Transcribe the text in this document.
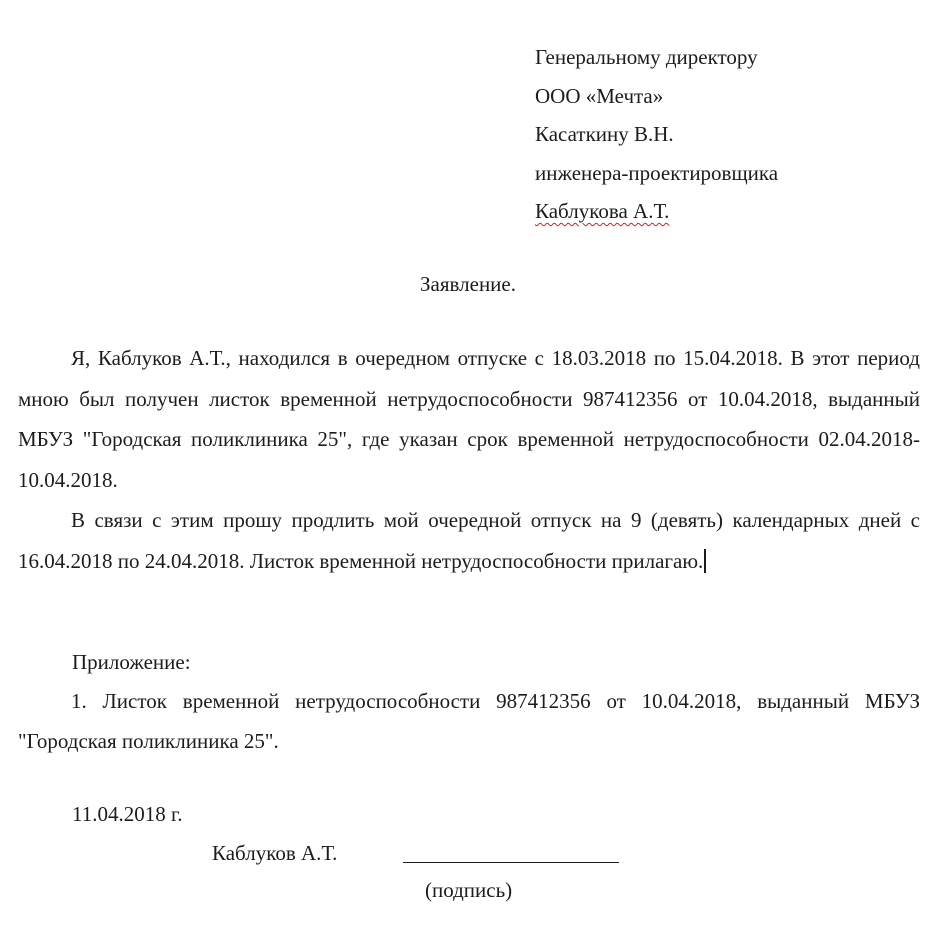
Генеральному директору
ООО «Мечта»
Касаткину В.Н.
инженера-проектировщика
Каблукова А.Т.
Заявление.

Я, Каблуков А.Т., находился в очередном отпуске с 18.03.2018 по 15.04.2018. В этот период мною был получен листок временной нетрудоспособности 987412356 от 10.04.2018, выданный МБУЗ "Городская поликлиника 25", где указан срок временной нетрудоспособности 02.04.2018-10.04.2018.

В связи с этим прошу продлить мой очередной отпуск на 9 (девять) календарных дней с 16.04.2018 по 24.04.2018. Листок временной нетрудоспособности прилагаю.

Приложение:

1. Листок временной нетрудоспособности 987412356 от 10.04.2018, выданный МБУЗ "Городская поликлиника 25".

11.04.2018 г.
Каблуков А.Т.
(подпись)
